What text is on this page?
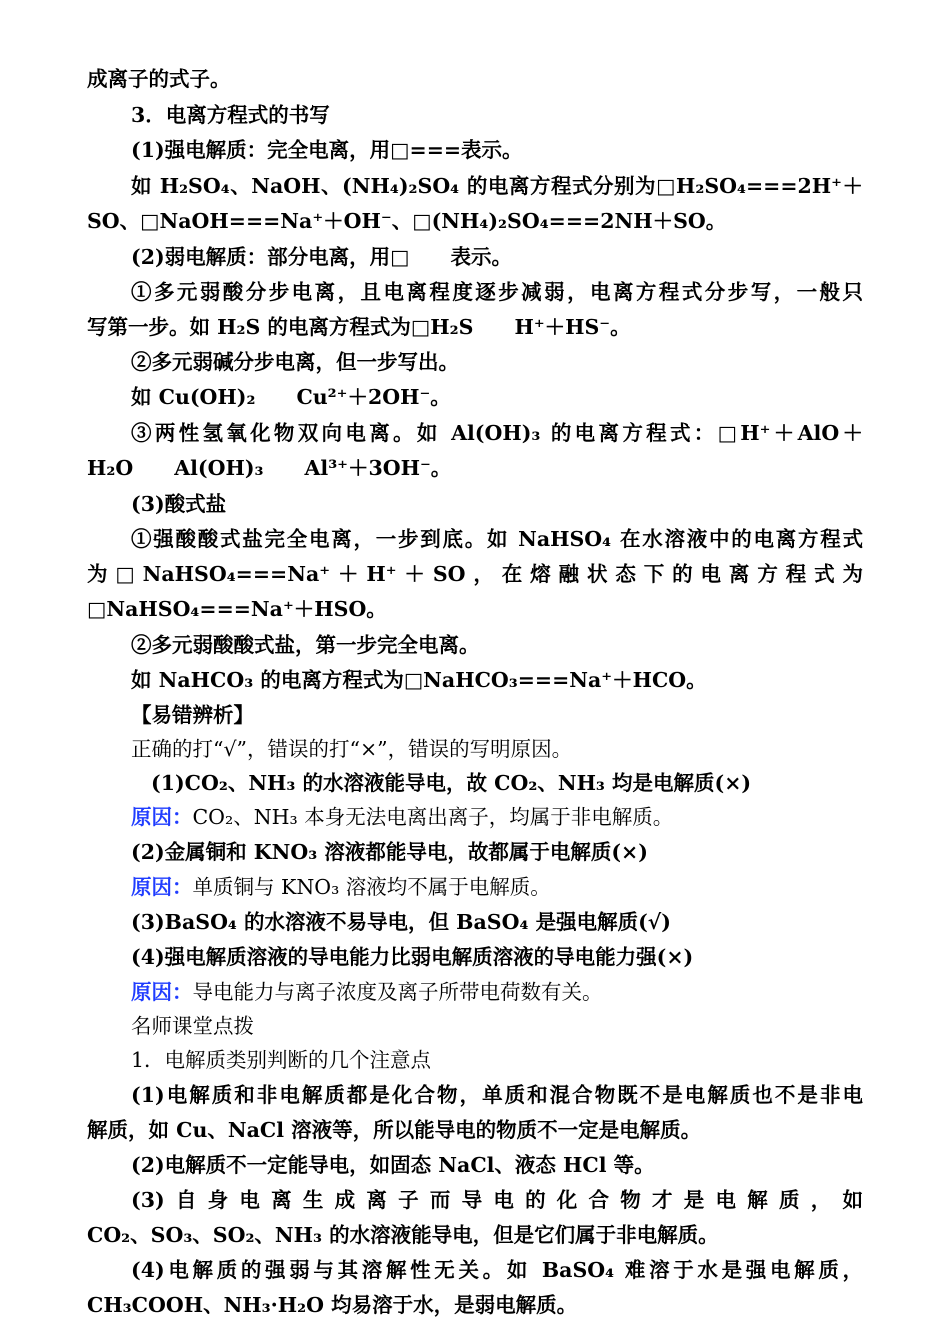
成离子的式子。
3．电离方程式的书写
(1)强电解质：完全电离，用□===表示。
如 H₂SO₄、NaOH、(NH₄)₂SO₄ 的电离方程式分别为□H₂SO₄===2H⁺＋
SO、□NaOH===Na⁺＋OH⁻、□(NH₄)₂SO₄===2NH＋SO。
(2)弱电解质：部分电离，用□　　表示。
①多元弱酸分步电离，且电离程度逐步减弱，电离方程式分步写，一般只
写第一步。如 H₂S 的电离方程式为□H₂S　　H⁺＋HS⁻。
②多元弱碱分步电离，但一步写出。
如 Cu(OH)₂　　Cu²⁺＋2OH⁻。
③两性氢氧化物双向电离。如 Al(OH)₃ 的电离方程式：□H⁺＋AlO＋
H₂O　　Al(OH)₃　　Al³⁺＋3OH⁻。
(3)酸式盐
①强酸酸式盐完全电离，一步到底。如 NaHSO₄ 在水溶液中的电离方程式
为□NaHSO₄===Na⁺＋H⁺＋SO，在熔融状态下的电离方程式为
□NaHSO₄===Na⁺＋HSO。
②多元弱酸酸式盐，第一步完全电离。
如 NaHCO₃ 的电离方程式为□NaHCO₃===Na⁺＋HCO。
【易错辨析】
正确的打“√”，错误的打“×”，错误的写明原因。
(1)CO₂、NH₃ 的水溶液能导电，故 CO₂、NH₃ 均是电解质(×)
原因：CO₂、NH₃ 本身无法电离出离子，均属于非电解质。
(2)金属铜和 KNO₃ 溶液都能导电，故都属于电解质(×)
原因：单质铜与 KNO₃ 溶液均不属于电解质。
(3)BaSO₄ 的水溶液不易导电，但 BaSO₄ 是强电解质(√)
(4)强电解质溶液的导电能力比弱电解质溶液的导电能力强(×)
原因：导电能力与离子浓度及离子所带电荷数有关。
名师课堂点拨
1．电解质类别判断的几个注意点
(1)电解质和非电解质都是化合物，单质和混合物既不是电解质也不是非电
解质，如 Cu、NaCl 溶液等，所以能导电的物质不一定是电解质。
(2)电解质不一定能导电，如固态 NaCl、液态 HCl 等。
(3)自身电离生成离子而导电的化合物才是电解质，如
CO₂、SO₃、SO₂、NH₃ 的水溶液能导电，但是它们属于非电解质。
(4)电解质的强弱与其溶解性无关。如 BaSO₄ 难溶于水是强电解质，
CH₃COOH、NH₃·H₂O 均易溶于水，是弱电解质。
